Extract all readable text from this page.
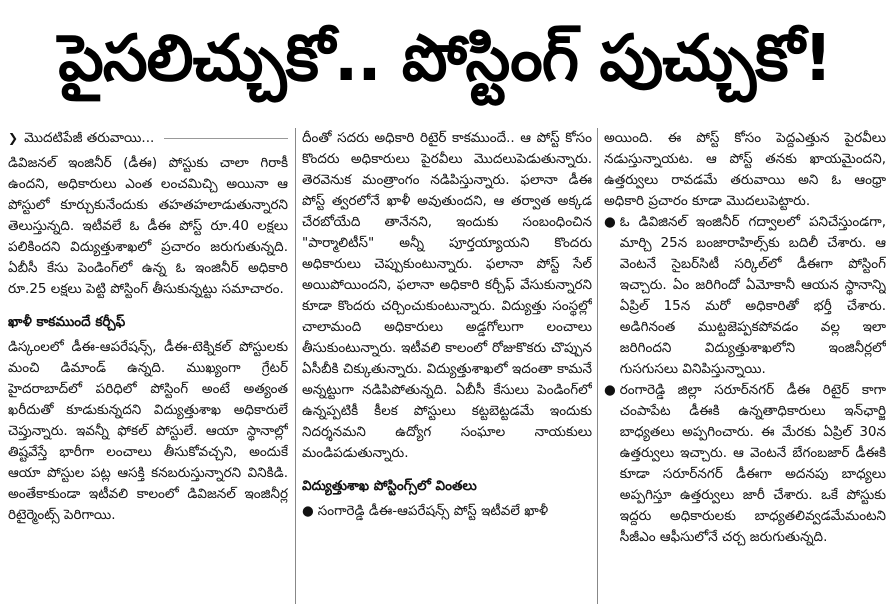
పైసలిచ్చుకో.. పోస్టింగ్ పుచ్చుకో!
❯ మొదటిపేజీ తరువాయి...

డివిజనల్ ఇంజినీర్ (డీఈ) పోస్టుకు చాలా గిరాకీ ఉందని, అధికారులు ఎంత లంచమిచ్చి అయినా ఆ పోస్టులో కూర్చుకునేందుకు తహతహలాడుతున్నారని తెలుస్తున్నది. ఇటీవలే ఓ డీఈ పోస్ట్ రూ.40 లక్షలు పలికిందని విద్యుత్తుశాఖలో ప్రచారం జరుగుతున్నది. ఏబీసీ కేసు పెండింగ్‌లో ఉన్న ఓ ఇంజినీర్ అధికారి రూ.25 లక్షలు పెట్టి పోస్టింగ్ తీసుకున్నట్టు సమాచారం.

ఖాళీ కాకముందే కర్చీఫ్

డిస్కంలలో డీఈ-ఆపరేషన్స్, డీఈ-టెక్నికల్ పోస్టులకు మంచి డిమాండ్ ఉన్నది. ముఖ్యంగా గ్రేటర్ హైదరాబాద్‌లో పరిధిలో పోస్టింగ్ అంటే అత్యంత ఖరీదుతో కూడుకున్నదని విద్యుత్తుశాఖ అధికారులే చెప్తున్నారు. ఇవన్నీ ఫోకల్ పోస్టులే. ఆయా స్థానాల్లో తిష్టవేస్తే భారీగా లంచాలు తీసుకోవచ్చని, అందుకే ఆయా పోస్టుల పట్ల ఆసక్తి కనబరుస్తున్నారని వినికిడి. అంతేకాకుండా ఇటీవలి కాలంలో డివిజనల్ ఇంజినీర్ల రిటైర్మెంట్స్ పెరిగాయి.

దీంతో సదరు అధికారి రిటైర్ కాకముందే.. ఆ పోస్ట్ కోసం కొందరు అధికారులు పైరవీలు మొదలుపెడుతున్నారు. తెరవెనుక మంత్రాంగం నడిపిస్తున్నారు. ఫలానా డీఈ పోస్ట్ త్వరలోనే ఖాళీ అవుతుందని, ఆ తర్వాత అక్కడ చేరబోయేది తానేనని, ఇందుకు సంబంధించిన "పార్మాలిటీస్" అన్నీ పూర్తయ్యాయని కొందరు అధికారులు చెప్పుకుంటున్నారు. ఫలానా పోస్ట్ సేల్ అయిపోయిందని, ఫలానా అధికారి కర్చీఫ్ వేసుకున్నారని కూడా కొందరు చర్చించుకుంటున్నారు. విద్యుత్తు సంస్థల్లో చాలామంది అధికారులు అడ్డగోలుగా లంచాలు తీసుకుంటున్నారు. ఇటీవలి కాలంలో రోజుకొకరు చొప్పున ఏసీబీకి చిక్కుతున్నారు. విద్యుత్తుశాఖలో ఇదంతా కామనే అన్నట్టుగా నడిపిపోతున్నది. ఏబీసీ కేసులు పెండింగ్‌లో ఉన్నప్పటికీ కీలక పోస్టులు కట్టబెట్టడమే ఇందుకు నిదర్శనమని ఉద్యోగ సంఘాల నాయకులు మండిపడుతున్నారు.

విద్యుత్తుశాఖ పోస్టింగ్స్‌లో వింతలు
● సంగారెడ్డి డీఈ-ఆపరేషన్స్ పోస్ట్ ఇటీవలే ఖాళీ

అయింది. ఈ పోస్ట్ కోసం పెద్దఎత్తున పైరవీలు నడుస్తున్నాయట. ఆ పోస్ట్ తనకు ఖాయమైందని, ఉత్తర్వులు రావడమే తరువాయి అని ఓ ఆంధ్రా అధికారి ప్రచారం కూడా మొదలుపెట్టారు.

● ఓ డివిజినల్ ఇంజినీర్ గద్వాలలో పనిచేస్తుండగా, మార్చి 25న బంజారాహిల్స్‌కు బదిలీ చేశారు. ఆ వెంటనే సైబర్‌సిటీ సర్కిల్‌లో డీఈగా పోస్టింగ్ ఇచ్చారు. ఏం జరిగిందో ఏమోకానీ ఆయన స్థానాన్ని ఏప్రిల్ 15న మరో అధికారితో భర్తీ చేశారు. అడిగినంత ముట్టజెప్పకపోవడం వల్ల ఇలా జరిగిందని విద్యుత్తుశాఖలోని ఇంజినీర్లలో గుసగుసలు వినిపిస్తున్నాయి.

● రంగారెడ్డి జిల్లా సరూర్‌నగర్ డీఈ రిటైర్ కాగా చంపాపేట డీఈకి ఉన్నతాధికారులు ఇన్‌ఛార్జి బాధ్యతలు అప్పగించారు. ఈ మేరకు ఏప్రిల్ 30న ఉత్తర్వులు ఇచ్చారు. ఆ వెంటనే బేగంబజార్ డీఈకి కూడా సరూర్‌నగర్ డీఈగా అదనపు బాధ్యలు అప్పగిస్తూ ఉత్తర్వులు జారీ చేశారు. ఒకే పోస్టుకు ఇద్దరు అధికారులకు బాధ్యతలివ్వడమేమంటని సీజీఎం ఆఫీసులోనే చర్చ జరుగుతున్నది.
